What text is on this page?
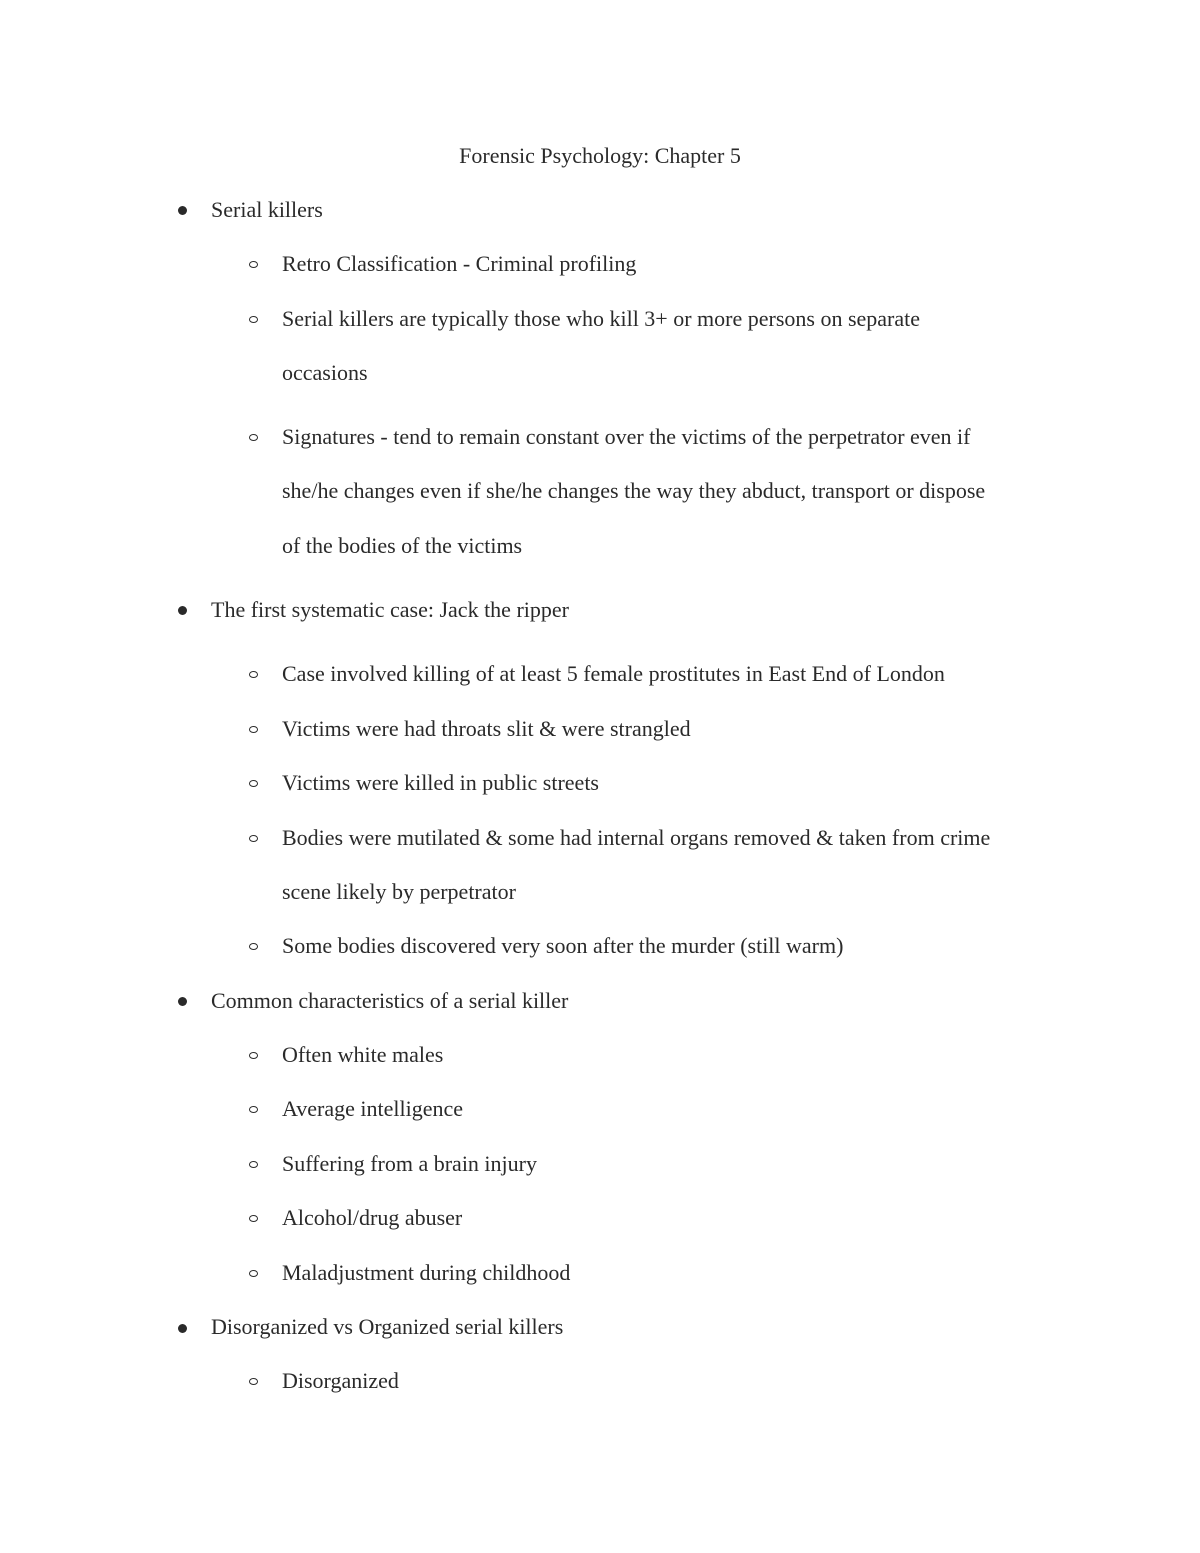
Forensic Psychology: Chapter 5
Serial killers
Retro Classification - Criminal profiling
Serial killers are typically those who kill 3+ or more persons on separate
occasions
Signatures - tend to remain constant over the victims of the perpetrator even if
she/he changes even if she/he changes the way they abduct, transport or dispose
of the bodies of the victims
The first systematic case: Jack the ripper
Case involved killing of at least 5 female prostitutes in East End of London
Victims were had throats slit & were strangled
Victims were killed in public streets
Bodies were mutilated & some had internal organs removed & taken from crime
scene likely by perpetrator
Some bodies discovered very soon after the murder (still warm)
Common characteristics of a serial killer
Often white males
Average intelligence
Suffering from a brain injury
Alcohol/drug abuser
Maladjustment during childhood
Disorganized vs Organized serial killers
Disorganized
